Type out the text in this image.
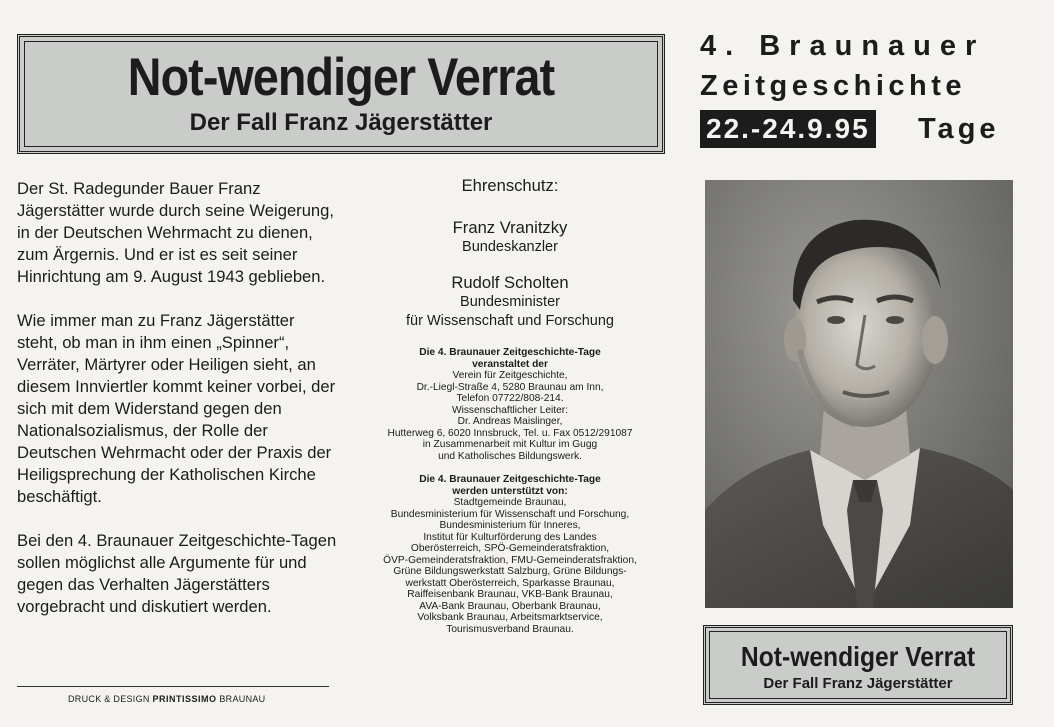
Not-wendiger Verrat
Der Fall Franz Jägerstätter
4. Braunauer
Zeitgeschichte
22.-24.9.95 Tage

Der St. Radegunder Bauer Franz Jägerstätter wurde durch seine Weigerung, in der Deutschen Wehrmacht zu dienen, zum Ärgernis. Und er ist es seit seiner Hinrichtung am 9. August 1943 geblieben.

Wie immer man zu Franz Jägerstätter steht, ob man in ihm einen „Spinner“, Verräter, Märtyrer oder Heiligen sieht, an diesem Innviertler kommt keiner vorbei, der sich mit dem Widerstand gegen den Nationalsozialismus, der Rolle der Deutschen Wehrmacht oder der Praxis der Heiligsprechung der Katholischen Kirche beschäftigt.

Bei den 4. Braunauer Zeitgeschichte-Tagen sollen möglichst alle Argumente für und gegen das Verhalten Jägerstätters vorgebracht und diskutiert werden.

DRUCK & DESIGN PRINTISSIMO BRAUNAU

Ehrenschutz:

Franz Vranitzky

Bundeskanzler

Rudolf Scholten

Bundesminister
für Wissenschaft und Forschung

Die 4. Braunauer Zeitgeschichte-Tage
veranstaltet der

Verein für Zeitgeschichte,

Dr.-Liegl-Straße 4, 5280 Braunau am Inn,

Telefon 07722/808-214.

Wissenschaftlicher Leiter:

Dr. Andreas Maislinger,

Hutterweg 6, 6020 Innsbruck, Tel. u. Fax 0512/291087

in Zusammenarbeit mit Kultur im Gugg

und Katholisches Bildungswerk.

Die 4. Braunauer Zeitgeschichte-Tage
werden unterstützt von:

Stadtgemeinde Braunau,

Bundesministerium für Wissenschaft und Forschung,

Bundesministerium für Inneres,

Institut für Kulturförderung des Landes

Oberösterreich, SPÖ-Gemeinderatsfraktion,

ÖVP-Gemeinderatsfraktion, FMU-Gemeinderatsfraktion,

Grüne Bildungswerkstatt Salzburg, Grüne Bildungs-

werkstatt Oberösterreich, Sparkasse Braunau,

Raiffeisenbank Braunau, VKB-Bank Braunau,

AVA-Bank Braunau, Oberbank Braunau,

Volksbank Braunau, Arbeitsmarktservice,

Tourismusverband Braunau.

Not-wendiger Verrat
Der Fall Franz Jägerstätter
